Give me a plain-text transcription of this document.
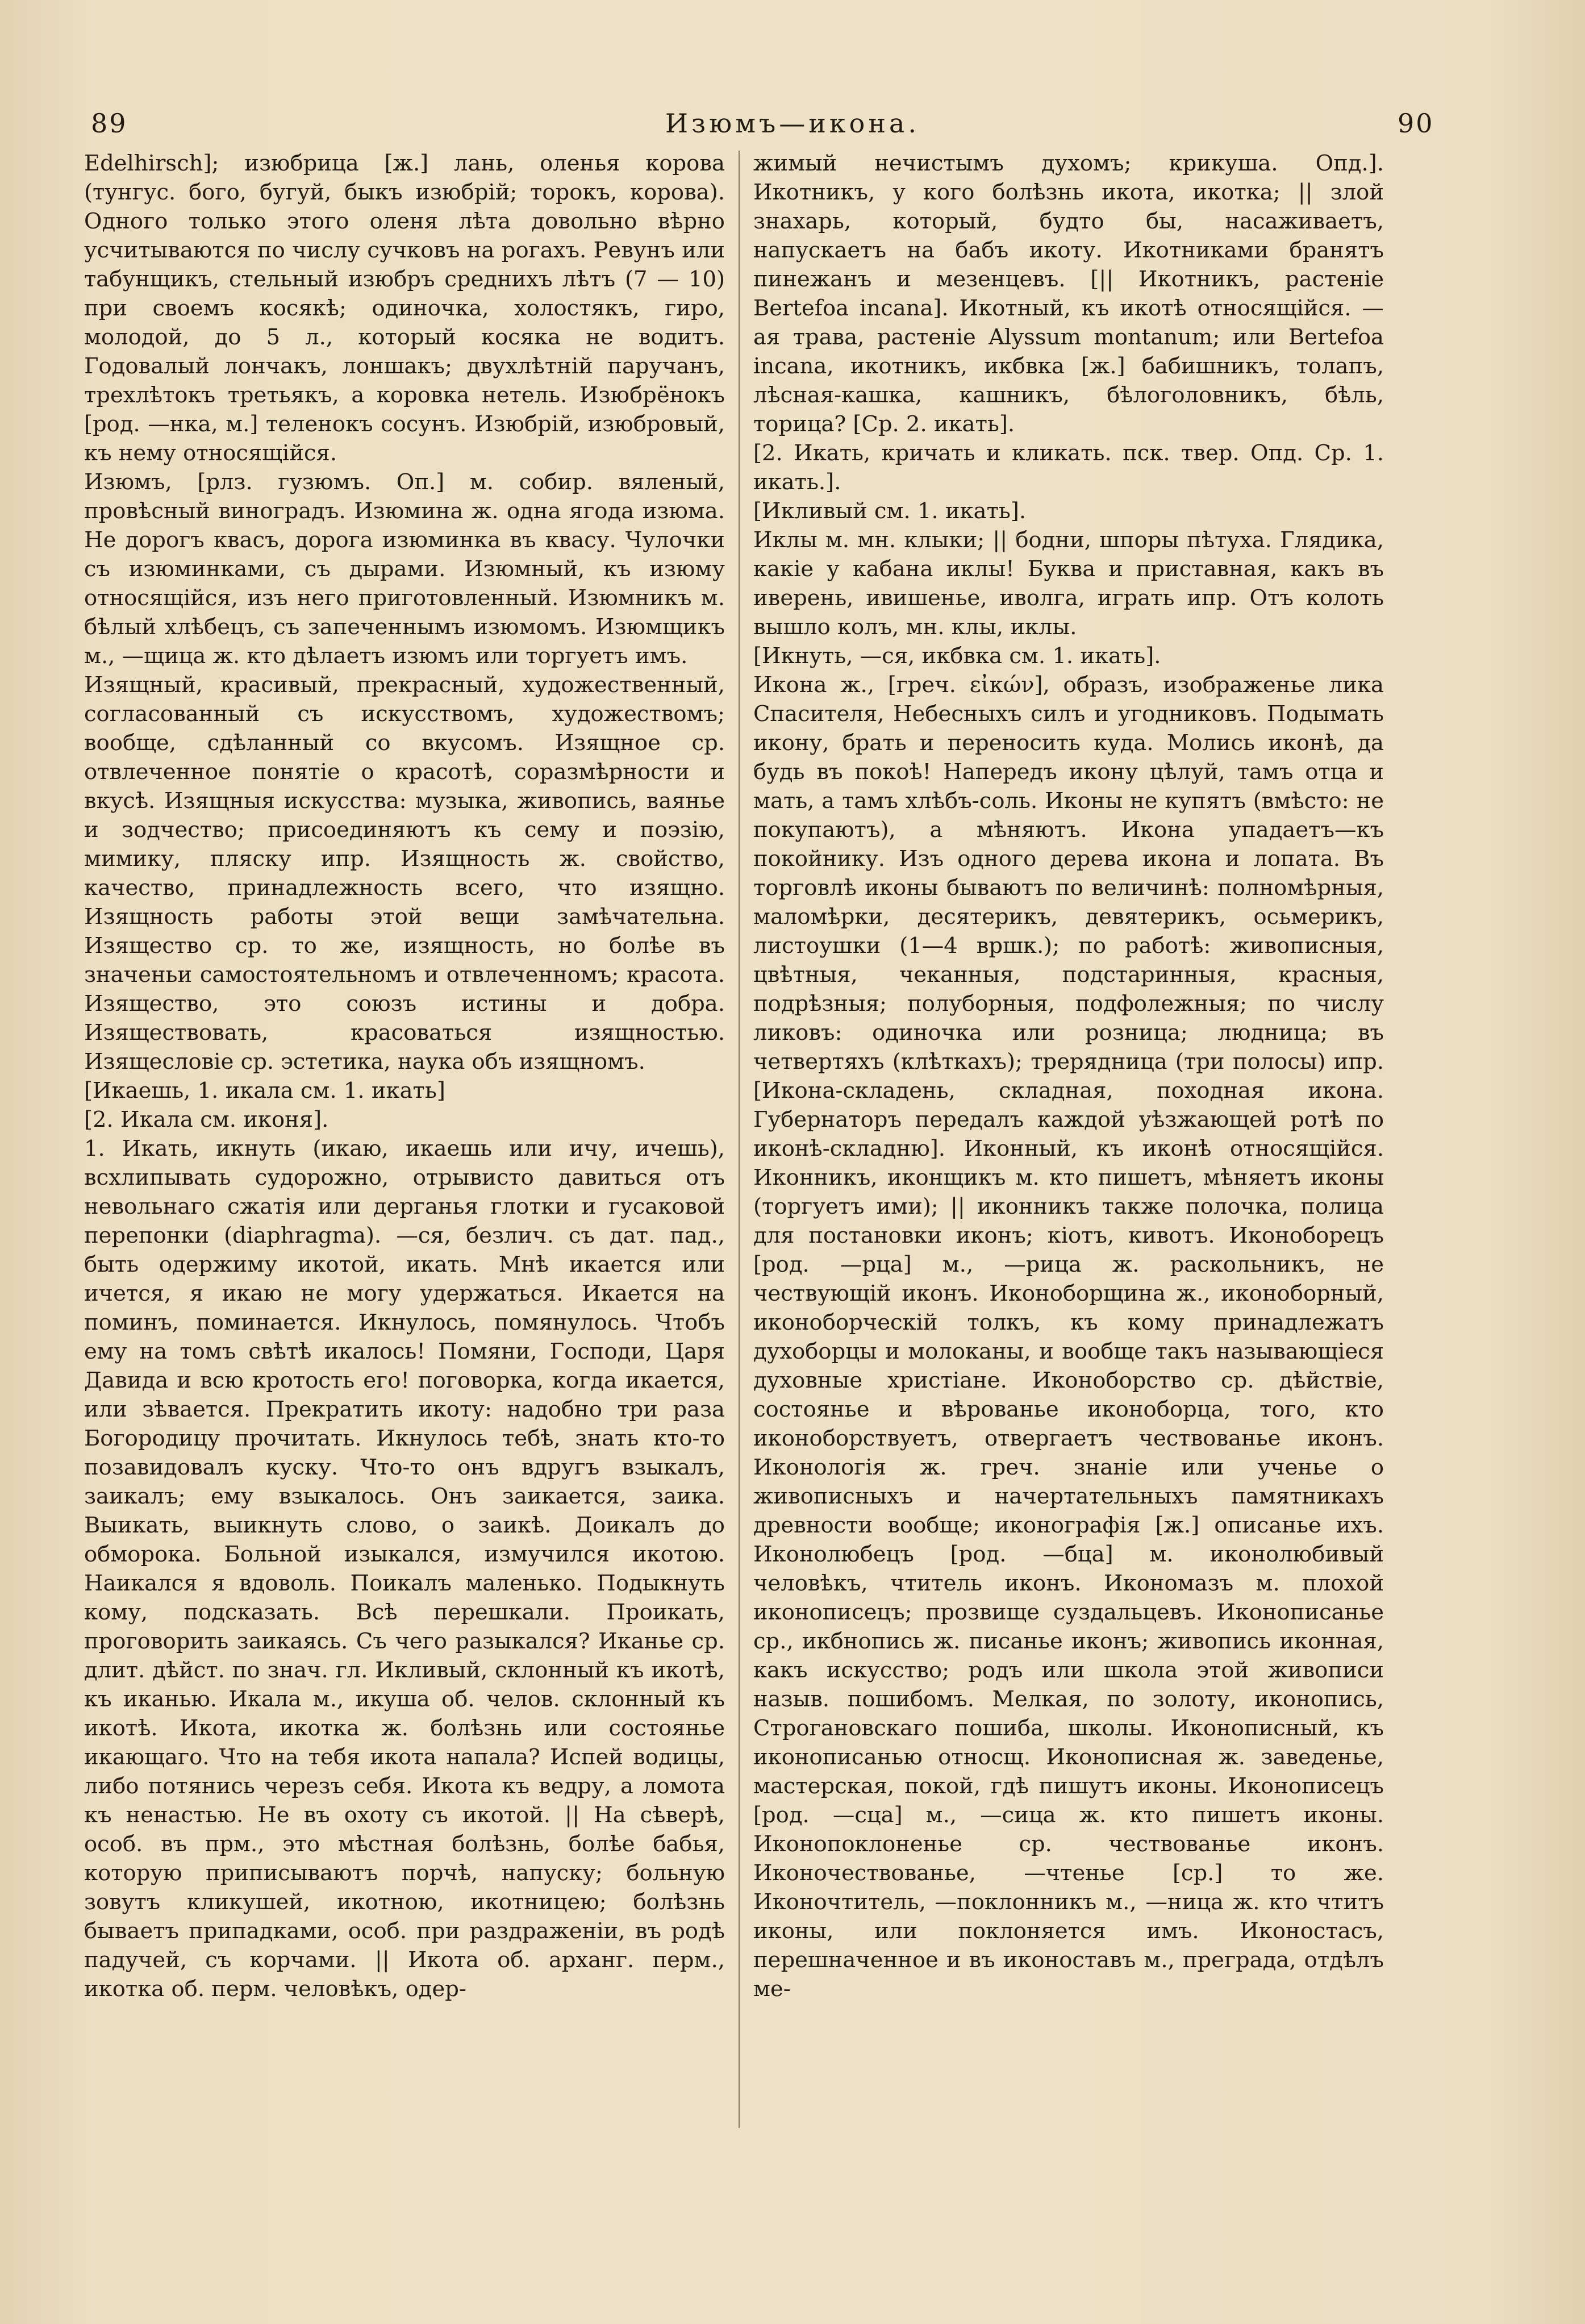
89	Изюмъ—икона.	90

Edelhirsch]; изюбрица [ж.] лань, оленья корова (тунгус. бого, бугуй, быкъ изюбрій; торокъ, корова). Одного только этого оленя лѣта довольно вѣрно усчитываются по числу сучковъ на рогахъ. Ревунъ или табунщикъ, стельный изюбръ среднихъ лѣтъ (7 — 10) при своемъ косякѣ; одиночка, холостякъ, гиро, молодой, до 5 л., который косяка не водитъ. Годовалый лончакъ, лоншакъ; двухлѣтній паручанъ, трехлѣтокъ третьякъ, а коровка нетель. Изюбрёнокъ [род. —нка, м.] теленокъ сосунъ. Изюбрій, изюбровый, къ нему относящійся.

Изюмъ, [рлз. гузюмъ. Оп.] м. собир. вяленый, провѣсный виноградъ. Изюмина ж. одна ягода изюма. Не дорогъ квасъ, дорога изюминка въ квасу. Чулочки съ изюминками, съ дырами. Изюмный, къ изюму относящійся, изъ него приготовленный. Изюмникъ м. бѣлый хлѣбецъ, съ запеченнымъ изюмомъ. Изюмщикъ м., —щица ж. кто дѣлаетъ изюмъ или торгуетъ имъ.

Изящный, красивый, прекрасный, художественный, согласованный съ искусствомъ, художествомъ; вообще, сдѣланный со вкусомъ. Изящное ср. отвлеченное понятіе о красотѣ, соразмѣрности и вкусѣ. Изящныя искусства: музыка, живопись, ваянье и зодчество; присоединяютъ къ сему и поэзію, мимику, пляску ипр. Изящность ж. свойство, качество, принадлежность всего, что изящно. Изящность работы этой вещи замѣчательна. Изящество ср. то же, изящность, но болѣе въ значеньи самостоятельномъ и отвлеченномъ; красота. Изящество, это союзъ истины и добра. Изяществовать, красоваться изящностью. Изящесловіе ср. эстетика, наука объ изящномъ.

[Икаешь, 1. икала см. 1. икать]

[2. Икала см. иконя].

1. Икать, икнуть (икаю, икаешь или ичу, ичешь), всхлипывать судорожно, отрывисто давиться отъ невольнаго сжатія или дерганья глотки и гусаковой перепонки (diaphragma). —ся, безлич. съ дат. пад., быть одержиму икотой, икать. Мнѣ икается или ичется, я икаю не могу удержаться. Икается на поминъ, поминается. Икнулось, помянулось. Чтобъ ему на томъ свѣтѣ икалось! Помяни, Господи, Царя Давида и всю кротость его! поговорка, когда икается, или зѣвается. Прекратить икоту: надобно три раза Богородицу прочитать. Икнулось тебѣ, знать кто-то позавидовалъ куску. Что-то онъ вдругъ взыкалъ, заикалъ; ему взыкалось. Онъ заикается, заика. Выикать, выикнуть слово, о заикѣ. Доикалъ до обморока. Больной изыкался, измучился икотою. Наикался я вдоволь. Поикалъ маленько. Подыкнуть кому, подсказать. Всѣ перешкали. Проикать, проговорить заикаясь. Съ чего разыкался? Иканье ср. длит. дѣйст. по знач. гл. Икливый, склонный къ икотѣ, къ иканью. Икала м., икуша об. челов. склонный къ икотѣ. Икота, икотка ж. болѣзнь или состоянье икающаго. Что на тебя икота напала? Испей водицы, либо потянись черезъ себя. Икота къ ведру, а ломота къ ненастью. Не въ охоту съ икотой. || На сѣверѣ, особ. въ прм., это мѣстная болѣзнь, болѣе бабья, которую приписываютъ порчѣ, напуску; больную зовутъ кликушей, икотною, икотницею; болѣзнь бываетъ припадками, особ. при раздраженіи, въ родѣ падучей, съ корчами. || Икота об. арханг. перм., икотка об. перм. человѣкъ, одер-

жимый нечистымъ духомъ; крикуша. Опд.]. Икотникъ, у кого болѣзнь икота, икотка; || злой знахарь, который, будто бы, насаживаетъ, напускаетъ на бабъ икоту. Икотниками бранятъ пинежанъ и мезенцевъ. [|| Икотникъ, растеніе Bertefoa incana]. Икотный, къ икотѣ относящійся. —ая трава, растеніе Alyssum montanum; или Bertefoa incana, икотникъ, икбвка [ж.] бабишникъ, толапъ, лѣсная-кашка, кашникъ, бѣлоголовникъ, бѣль, торица? [Ср. 2. икать].

[2. Икать, кричать и кликать. пск. твер. Опд. Ср. 1. икать.].

[Икливый см. 1. икать].

Иклы м. мн. клыки; || бодни, шпоры пѣтуха. Глядика, какіе у кабана иклы! Буква и приставная, какъ въ иверень, ивишенье, иволга, играть ипр. Отъ колоть вышло колъ, мн. клы, иклы.

[Икнуть, —ся, икбвка см. 1. икать].

Икона ж., [греч. εἰκών], образъ, изображенье лика Спасителя, Небесныхъ силъ и угодниковъ. Подымать икону, брать и переносить куда. Молись иконѣ, да будь въ покоѣ! Напередъ икону цѣлуй, тамъ отца и мать, а тамъ хлѣбъ-соль. Иконы не купятъ (вмѣсто: не покупаютъ), а мѣняютъ. Икона упадаетъ—къ покойнику. Изъ одного дерева икона и лопата. Въ торговлѣ иконы бываютъ по величинѣ: полномѣрныя, маломѣрки, десятерикъ, девятерикъ, осьмерикъ, листоушки (1—4 вршк.); по работѣ: живописныя, цвѣтныя, чеканныя, подстаринныя, красныя, подрѣзныя; полуборныя, подфолежныя; по числу ликовъ: одиночка или розница; людница; въ четвертяхъ (клѣткахъ); трерядница (три полосы) ипр. [Икона-складень, складная, походная икона. Губернаторъ передалъ каждой уѣзжающей ротѣ по иконѣ-складню]. Иконный, къ иконѣ относящійся. Иконникъ, иконщикъ м. кто пишетъ, мѣняетъ иконы (торгуетъ ими); || иконникъ также полочка, полица для постановки иконъ; кіотъ, кивотъ. Иконоборецъ [род. —рца] м., —рица ж. раскольникъ, не чествующій иконъ. Иконоборщина ж., иконоборный, иконоборческій толкъ, къ кому принадлежатъ духоборцы и молоканы, и вообще такъ называющіеся духовные христіане. Иконоборство ср. дѣйствіе, состоянье и вѣрованье иконоборца, того, кто иконоборствуетъ, отвергаетъ чествованье иконъ. Иконологія ж. греч. знаніе или ученье о живописныхъ и начертательныхъ памятникахъ древности вообще; иконографія [ж.] описанье ихъ. Иконолюбецъ [род. —бца] м. иконолюбивый человѣкъ, чтитель иконъ. Икономазъ м. плохой иконописецъ; прозвище суздальцевъ. Иконописанье ср., икбнопись ж. писанье иконъ; живопись иконная, какъ искусство; родъ или школа этой живописи назыв. пошибомъ. Мелкая, по золоту, иконопись, Строгановскаго пошиба, школы. Иконописный, къ иконописанью относщ. Иконописная ж. заведенье, мастерская, покой, гдѣ пишутъ иконы. Иконописецъ [род. —сца] м., —сица ж. кто пишетъ иконы. Иконопоклоненье ср. чествованье иконъ. Иконочествованье, —чтенье [ср.] то же. Иконочтитель, —поклонникъ м., —ница ж. кто чтитъ иконы, или поклоняется имъ. Иконостасъ, перешначенное и въ иконоставъ м., преграда, отдѣлъ ме-
